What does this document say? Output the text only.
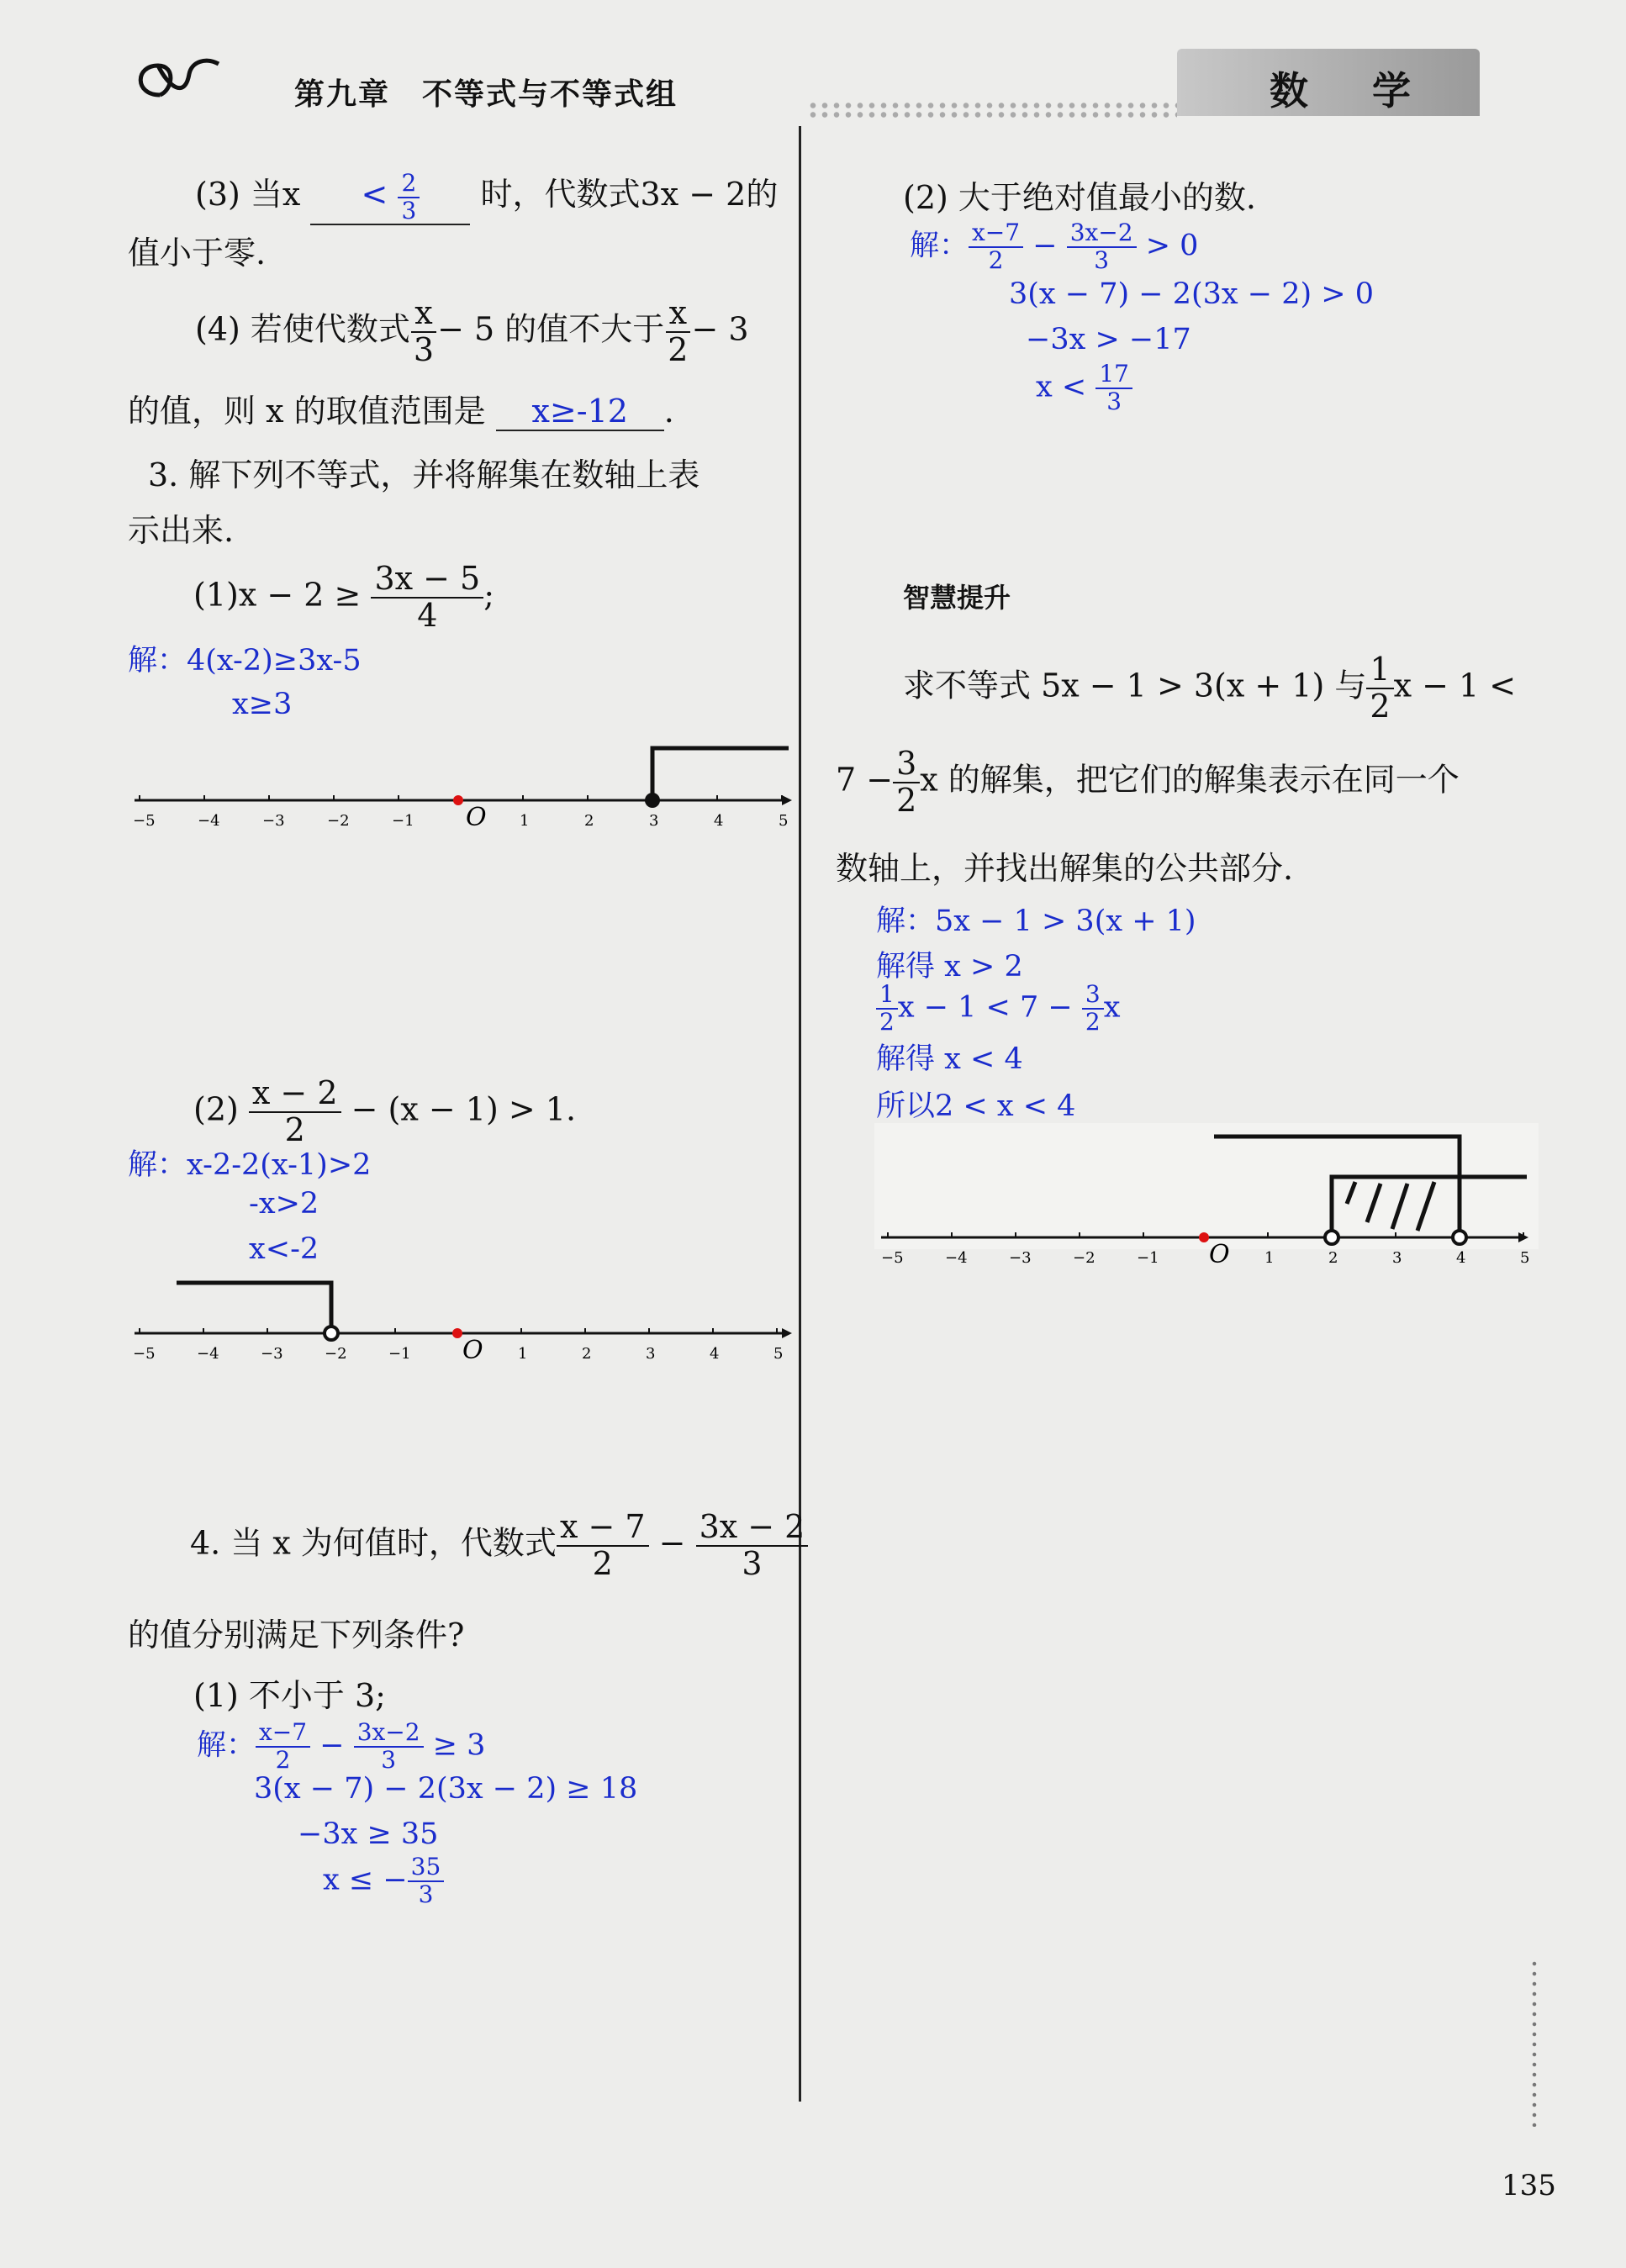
第九章　不等式与不等式组	数 学
(3) 当$x < \frac{2}{3}$ 时，代数式3x − 2的
值小于零.
(4) 若使代数式 $\frac{x}{3} - 5$ 的值不大于 $\frac{x}{2} - 3$
的值，则 x 的取值范围是 x≥-12 .
3. 解下列不等式，并将解集在数轴上表
示出来.
$(1)x - 2 \ge \frac{3x - 5}{4}$ ;
解：4(x-2)≥3x-5
x≥3
−5	−4	−3	−2	−1 O 1	2	3	4	5
$(2) \frac{x - 2}{2} - (x - 1) > 1$.
解：x-2-2(x-1)>2
-x>2
x<-2
−5	−4	−3	−2	−1 O 1	2	3	4	5
4. 当 x 为何值时，代数式 $\frac{x - 7}{2} - \frac{3x - 2}{3}$
的值分别满足下列条件?
(1) 不小于 3;
解： $\frac{x-7}{2} - \frac{3x-2}{3} \ge 3$
3(x − 7) − 2(3x − 2) ≥ 18
−3x ≥ 35
x ≤ − $\frac{35}{3}$
(2) 大于绝对值最小的数.
解： $\frac{x-7}{2} - \frac{3x-2}{3} > 0$
3(x − 7) − 2(3x − 2) > 0
−3x > −17
$x < \frac{17}{3}$
智慧提升
求不等式 5x − 1 > 3(x + 1) 与 $\frac{1}{2}$ x − 1 <
$7 - \frac{3}{2}$ x 的解集，把它们的解集表示在同一个
数轴上，并找出解集的公共部分.
解：5x − 1 > 3(x + 1)
解得 x > 2
$\frac{1}{2}$ $x - 1 < 7 - \frac{3}{2}$ x
解得 x < 4
所以2 < x < 4
−5	−4	−3	−2	−1 O 1	2	3	4	5
135
